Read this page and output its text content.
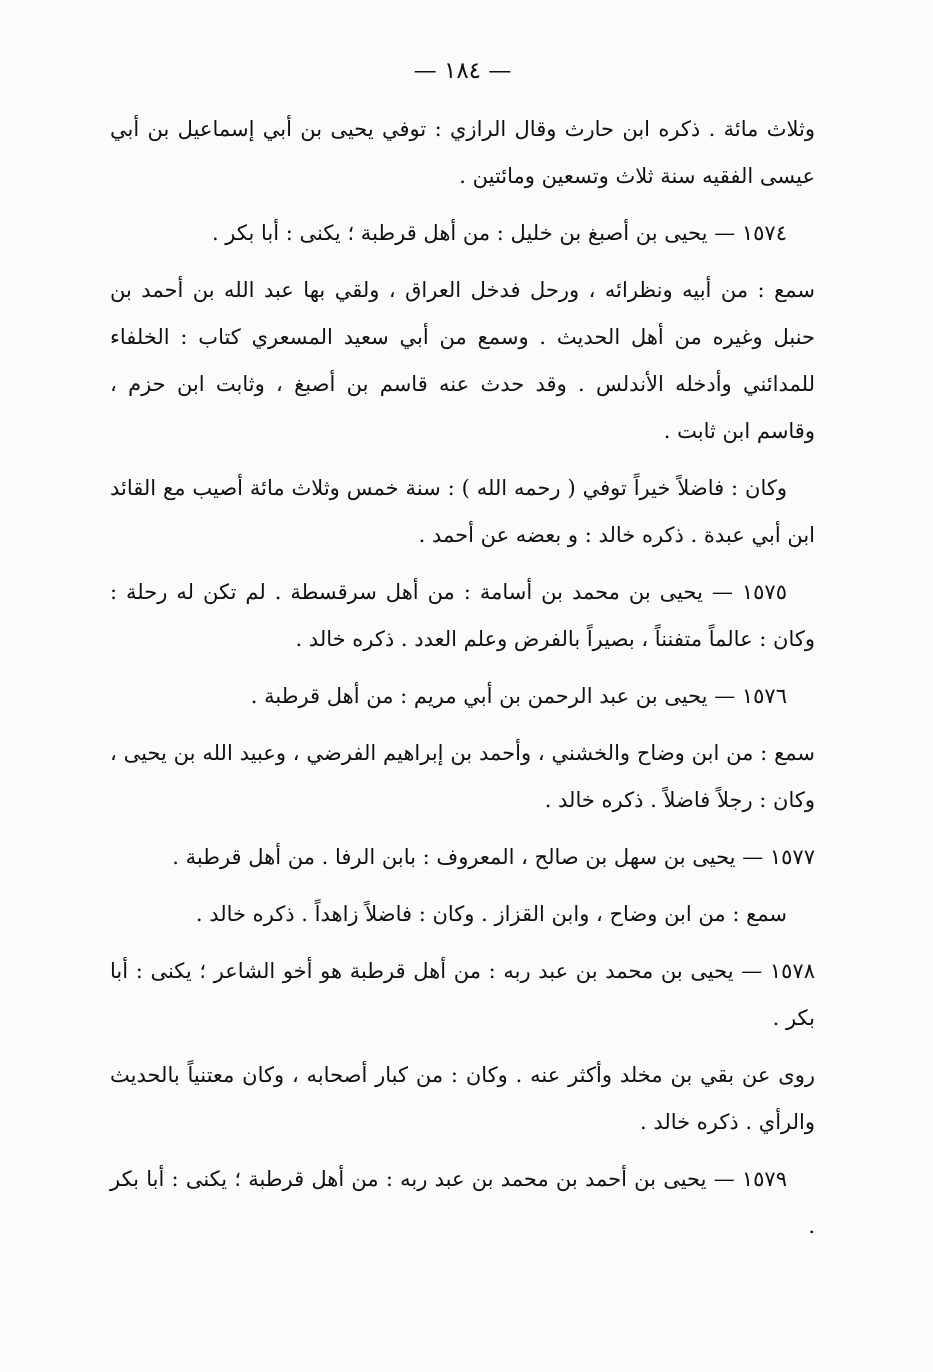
— ١٨٤ —

وثلاث مائة . ذكره ابن حارث وقال الرازي : توفي يحيى بن أبي إسماعيل بن أبي عيسى الفقيه سنة ثلاث وتسعين ومائتين .

١٥٧٤ — يحيى بن أصبغ بن خليل : من أهل قرطبة ؛ يكنى : أبا بكر .

سمع : من أبيه ونظرائه ، ورحل فدخل العراق ، ولقي بها عبد الله بن أحمد بن حنبل وغيره من أهل الحديث . وسمع من أبي سعيد المسعري كتاب : الخلفاء للمدائني وأدخله الأندلس . وقد حدث عنه قاسم بن أصبغ ، وثابت ابن حزم ، وقاسم ابن ثابت .

وكان : فاضلاً خيراً توفي ( رحمه الله ) : سنة خمس وثلاث مائة أصيب مع القائد ابن أبي عبدة . ذكره خالد : و بعضه عن أحمد .

١٥٧٥ — يحيى بن محمد بن أسامة : من أهل سرقسطة . لم تكن له رحلة : وكان : عالماً متفنناً ، بصيراً بالفرض وعلم العدد . ذكره خالد .

١٥٧٦ — يحيى بن عبد الرحمن بن أبي مريم : من أهل قرطبة .

سمع : من ابن وضاح والخشني ، وأحمد بن إبراهيم الفرضي ، وعبيد الله بن يحيى ، وكان : رجلاً فاضلاً . ذكره خالد .

١٥٧٧ — يحيى بن سهل بن صالح ، المعروف : بابن الرفا . من أهل قرطبة .

سمع : من ابن وضاح ، وابن القزاز . وكان : فاضلاً زاهداً . ذكره خالد .

١٥٧٨ — يحيى بن محمد بن عبد ربه : من أهل قرطبة هو أخو الشاعر ؛ يكنى : أبا بكر .

روى عن بقي بن مخلد وأكثر عنه . وكان : من كبار أصحابه ، وكان معتنياً بالحديث والرأي . ذكره خالد .

١٥٧٩ — يحيى بن أحمد بن محمد بن عبد ربه : من أهل قرطبة ؛ يكنى : أبا بكر .
